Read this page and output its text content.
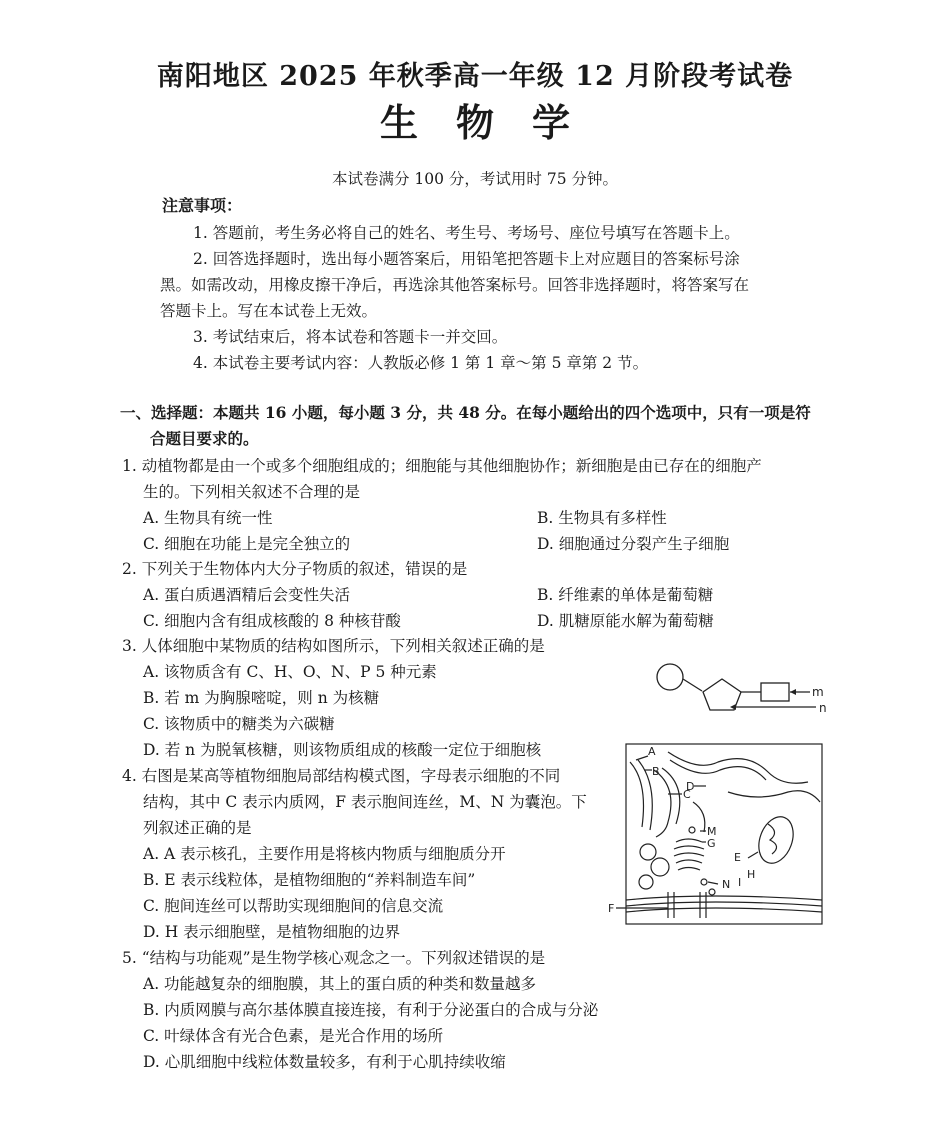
南阳地区 2025 年秋季高一年级 12 月阶段考试卷
生物学
本试卷满分 100 分，考试用时 75 分钟。
注意事项：
1. 答题前，考生务必将自己的姓名、考生号、考场号、座位号填写在答题卡上。
2. 回答选择题时，选出每小题答案后，用铅笔把答题卡上对应题目的答案标号涂
黑。如需改动，用橡皮擦干净后，再选涂其他答案标号。回答非选择题时，将答案写在
答题卡上。写在本试卷上无效。
3. 考试结束后，将本试卷和答题卡一并交回。
4. 本试卷主要考试内容：人教版必修 1 第 1 章～第 5 章第 2 节。
一、选择题：本题共 16 小题，每小题 3 分，共 48 分。在每小题给出的四个选项中，只有一项是符
合题目要求的。
1. 动植物都是由一个或多个细胞组成的；细胞能与其他细胞协作；新细胞是由已存在的细胞产
生的。下列相关叙述不合理的是
A. 生物具有统一性	B. 生物具有多样性
C. 细胞在功能上是完全独立的	D. 细胞通过分裂产生子细胞
2. 下列关于生物体内大分子物质的叙述，错误的是
A. 蛋白质遇酒精后会变性失活	B. 纤维素的单体是葡萄糖
C. 细胞内含有组成核酸的 8 种核苷酸	D. 肌糖原能水解为葡萄糖
3. 人体细胞中某物质的结构如图所示，下列相关叙述正确的是
A. 该物质含有 C、H、O、N、P 5 种元素
B. 若 m 为胸腺嘧啶，则 n 为核糖
C. 该物质中的糖类为六碳糖
D. 若 n 为脱氧核糖，则该物质组成的核酸一定位于细胞核
m
n
4. 右图是某高等植物细胞局部结构模式图，字母表示细胞的不同
结构，其中 C 表示内质网，F 表示胞间连丝，M、N 为囊泡。下
列叙述正确的是
A. A 表示核孔，主要作用是将核内物质与细胞质分开
B. E 表示线粒体，是植物细胞的“养料制造车间”
C. 胞间连丝可以帮助实现细胞间的信息交流
D. H 表示细胞壁，是植物细胞的边界
A
B
C
D
M
G
E
N I
H
F
5. “结构与功能观”是生物学核心观念之一。下列叙述错误的是
A. 功能越复杂的细胞膜，其上的蛋白质的种类和数量越多
B. 内质网膜与高尔基体膜直接连接，有利于分泌蛋白的合成与分泌
C. 叶绿体含有光合色素，是光合作用的场所
D. 心肌细胞中线粒体数量较多，有利于心肌持续收缩
